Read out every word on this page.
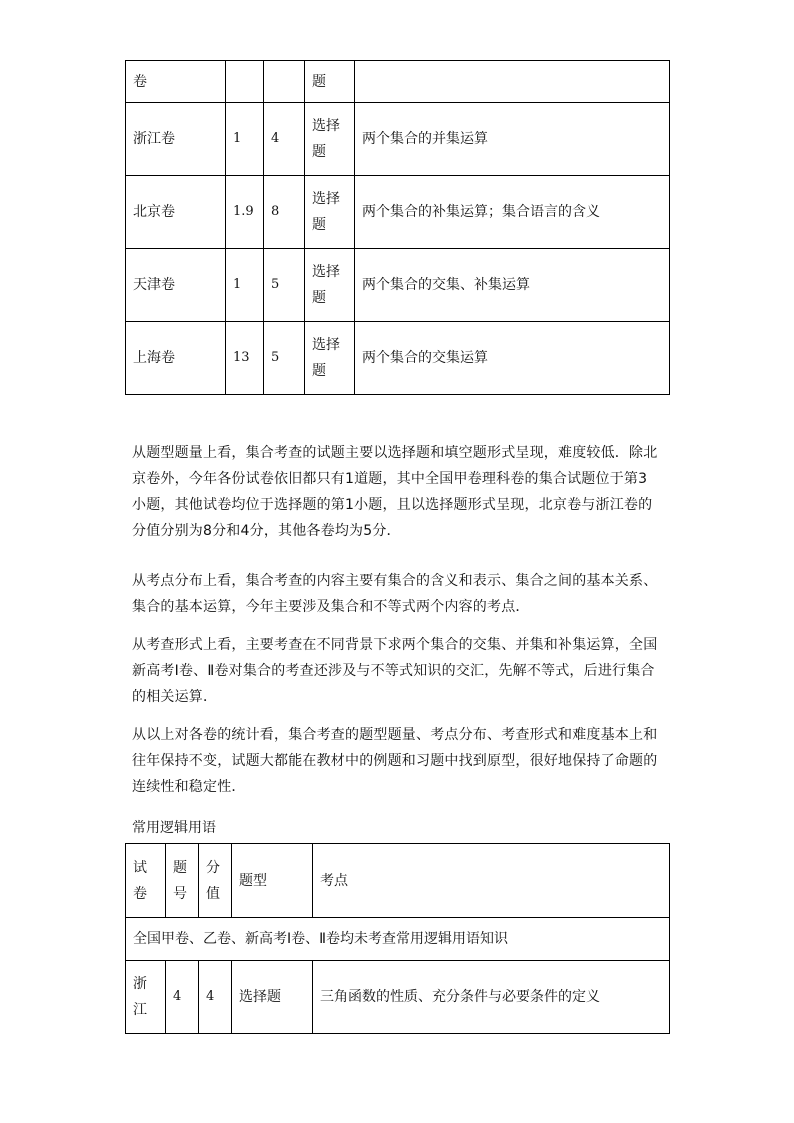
卷			题	
浙江卷	1	4	选择题	两个集合的并集运算
北京卷	1.9	8	选择题	两个集合的补集运算；集合语言的含义
天津卷	1	5	选择题	两个集合的交集、补集运算
上海卷	13	5	选择题	两个集合的交集运算

从题型题量上看，集合考查的试题主要以选择题和填空题形式呈现，难度较低．除北京卷外，今年各份试卷依旧都只有1道题，其中全国甲卷理科卷的集合试题位于第3小题，其他试卷均位于选择题的第1小题，且以选择题形式呈现，北京卷与浙江卷的分值分别为8分和4分，其他各卷均为5分．

从考点分布上看，集合考查的内容主要有集合的含义和表示、集合之间的基本关系、集合的基本运算，今年主要涉及集合和不等式两个内容的考点．

从考查形式上看，主要考查在不同背景下求两个集合的交集、并集和补集运算，全国新高考Ⅰ卷、Ⅱ卷对集合的考查还涉及与不等式知识的交汇，先解不等式，后进行集合的相关运算．

从以上对各卷的统计看，集合考查的题型题量、考点分布、考查形式和难度基本上和往年保持不变，试题大都能在教材中的例题和习题中找到原型，很好地保持了命题的连续性和稳定性．

常用逻辑用语

试卷	题号	分值	题型	考点
全国甲卷、乙卷、新高考Ⅰ卷、Ⅱ卷均未考查常用逻辑用语知识				
浙江	4	4	选择题	三角函数的性质、充分条件与必要条件的定义
